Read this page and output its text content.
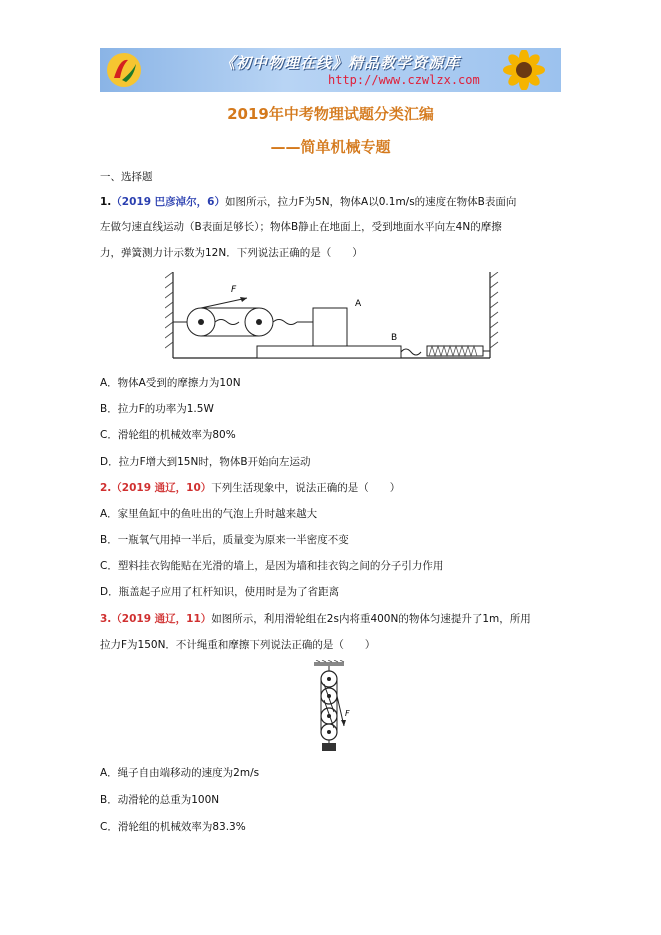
《初中物理在线》精品教学资源库
http://www.czwlzx.com
2019年中考物理试题分类汇编
——简单机械专题
一、选择题
1.（2019 巴彦淖尔，6）如图所示，拉力F为5N，物体A以0.1m/s的速度在物体B表面向
左做匀速直线运动（B表面足够长）；物体B静止在地面上，受到地面水平向左4N的摩擦
力，弹簧测力计示数为12N．下列说法正确的是（　　）
F
A
B
A．物体A受到的摩擦力为10N
B．拉力F的功率为1.5W
C．滑轮组的机械效率为80%
D．拉力F增大到15N时，物体B开始向左运动
2.（2019 通辽，10）下列生活现象中，说法正确的是（　　）
A．家里鱼缸中的鱼吐出的气泡上升时越来越大
B．一瓶氧气用掉一半后，质量变为原来一半密度不变
C．塑料挂衣钩能贴在光滑的墙上，是因为墙和挂衣钩之间的分子引力作用
D．瓶盖起子应用了杠杆知识，使用时是为了省距离
3.（2019 通辽，11）如图所示，利用滑轮组在2s内将重400N的物体匀速提升了1m，所用
拉力F为150N．不计绳重和摩擦下列说法正确的是（　　）
F
A．绳子自由端移动的速度为2m/s
B．动滑轮的总重为100N
C．滑轮组的机械效率为83.3%
